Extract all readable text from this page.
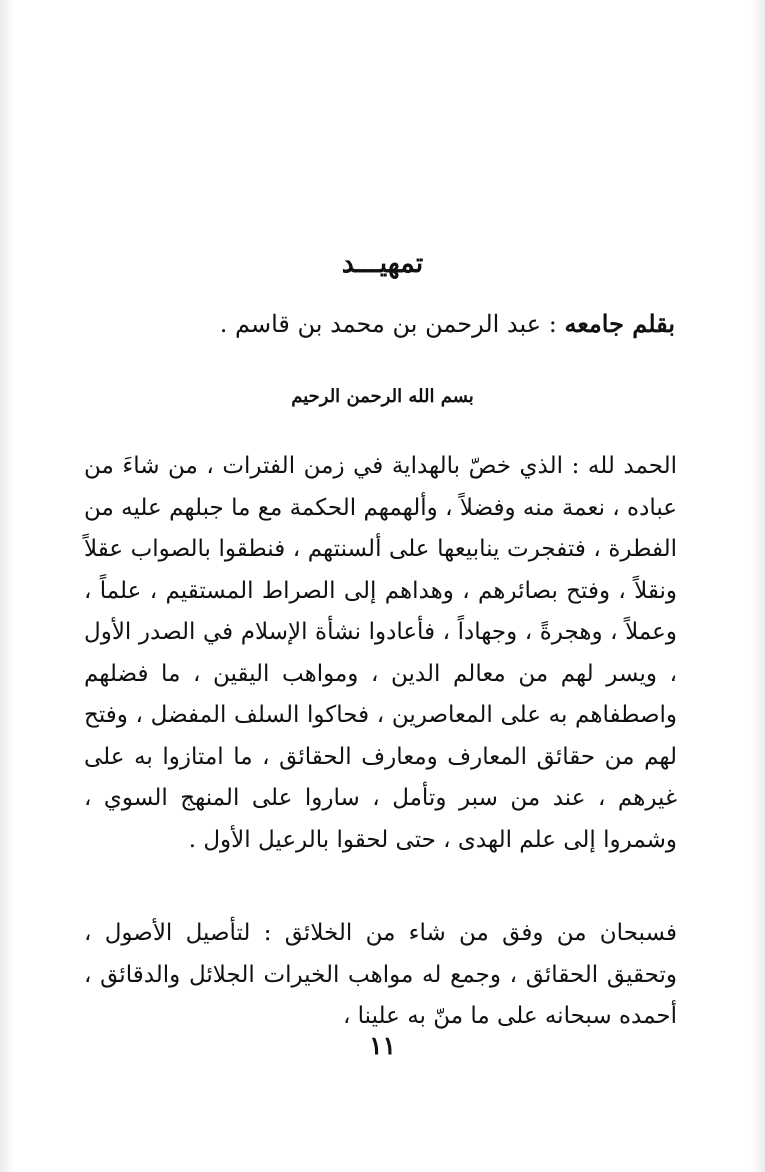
تمهيـــد
بقلم جامعه : عبد الرحمن بن محمد بن قاسم .
بسم الله الرحمن الرحيم

الحمد لله : الذي خصّ بالهداية في زمن الفترات ، من شاءَ من عباده ، نعمة منه وفضلاً ، وألهمهم الحكمة مع ما جبلهم عليه من الفطرة ، فتفجرت ينابيعها على ألسنتهم ، فنطقوا بالصواب عقلاً ونقلاً ، وفتح بصائرهم ، وهداهم إلى الصراط المستقيم ، علماً ، وعملاً ، وهجرةً ، وجهاداً ، فأعادوا نشأة الإسلام في الصدر الأول ، ويسر لهم من معالم الدين ، ومواهب اليقين ، ما فضلهم واصطفاهم به على المعاصرين ، فحاكوا السلف المفضل ، وفتح لهم من حقائق المعارف ومعارف الحقائق ، ما امتازوا به على غيرهم ، عند من سبر وتأمل ، ساروا على المنهج السوي ، وشمروا إلى علم الهدى ، حتى لحقوا بالرعيل الأول .

فسبحان من وفق من شاء من الخلائق : لتأصيل الأصول ، وتحقيق الحقائق ، وجمع له مواهب الخيرات الجلائل والدقائق ، أحمده سبحانه على ما منّ به علينا ،

١١
